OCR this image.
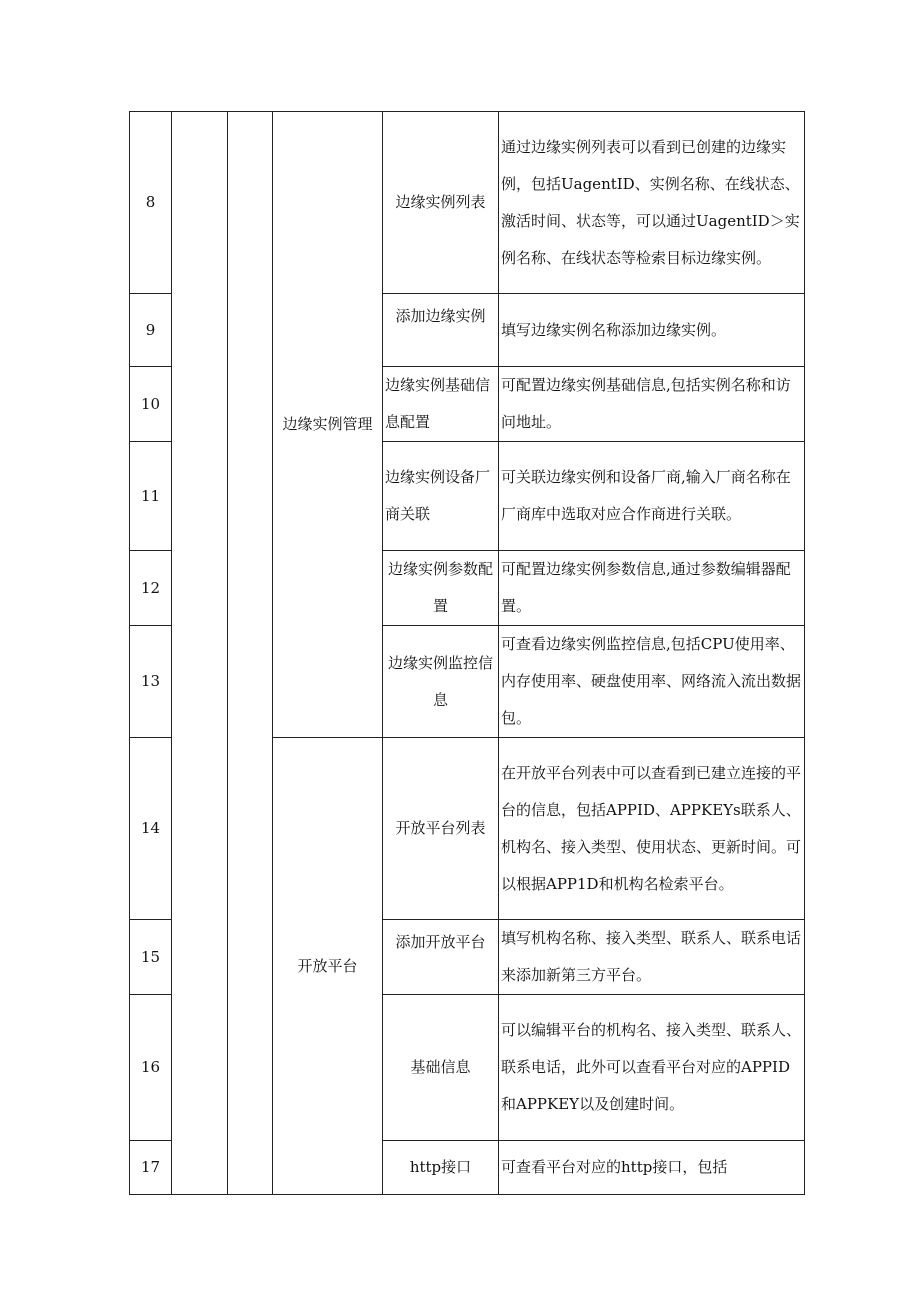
8			边缘实例管理	边缘实例列表	通过边缘实例列表可以看到已创建的边缘实例，包括UagentID、实例名称、在线状态、激活时间、状态等，可以通过UagentID＞实例名称、在线状态等检索目标边缘实例。
9				添加边缘实例	填写边缘实例名称添加边缘实例。
10				边缘实例基础信息配置	可配置边缘实例基础信息,包括实例名称和访问地址。
11				边缘实例设备厂商关联	可关联边缘实例和设备厂商,输入厂商名称在厂商库中选取对应合作商进行关联。
12				边缘实例参数配置	可配置边缘实例参数信息,通过参数编辑器配置。
13				边缘实例监控信息	可查看边缘实例监控信息,包括CPU使用率、内存使用率、硬盘使用率、网络流入流出数据包。
14			开放平台	开放平台列表	在开放平台列表中可以查看到已建立连接的平台的信息，包括APPID、APPKEYs联系人、机构名、接入类型、使用状态、更新时间。可以根据APP1D和机构名检索平台。
15				添加开放平台	填写机构名称、接入类型、联系人、联系电话来添加新第三方平台。
16				基础信息	可以编辑平台的机构名、接入类型、联系人、联系电话，此外可以查看平台对应的APPID和APPKEY以及创建时间。
17				http接口	可查看平台对应的http接口，包括
